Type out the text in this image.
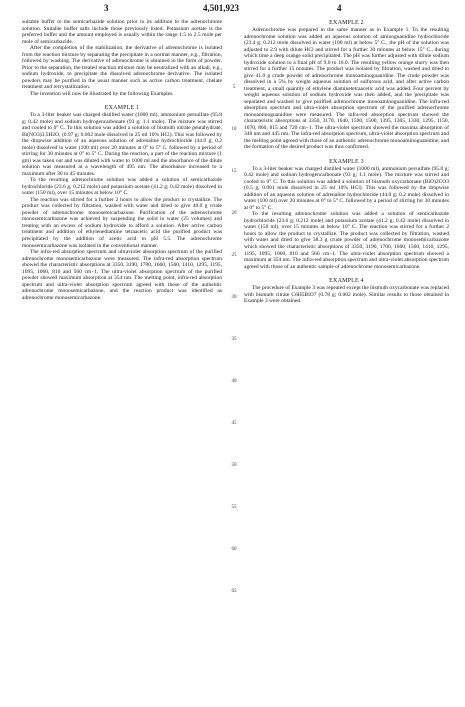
3	4,501,923	4

suitable buffer to the semicarbazide solution prior to its addition to the adrenochrome solution. Suitable buffer salts include those previously listed. Potassium acetate is the preferred buffer and the amount employed is usually within the range 1.5 to 2.5 mole per mole of semicarbazide.

After the completion of the stabilization, the derivative of adrenochrome is isolated from the reaction mixture by separating the precipitate in a normal manner, e.g., filtration, followed by washing. The derivative of adrenochrome is obtained in the form of powder. Prior to the separation, the treated reaction mixture may be neutralized with an alkali, e.g., sodium hydroxide, to precipitate the dissolved adrenochrome derivative. The isolated powders may be purified in the usual manner such as active carbon treatment, chelate treatment and recrystallization.

The invention will now be illustrated by the following Examples.

EXAMPLE 1

To a 3-liter beaker was charged distilled water (1000 ml), ammonium persulfate (95.8 g; 0.42 mole) and sodium hydrogencarbonate (93 g; 1.1 mole). The mixture was stirred and cooled to 0° C. To this solution was added a solution of bismuth nitrate pentahydrate, Bi(NO3)3.5H2O, (0.97 g; 0.002 mole dissolved in 25 ml 10% HCl). This was followed by the dropwise addition of an aqueous solution of adrenaline hydrochloride (44.0 g; 0.2 mole) dissolved in water (100 ml) over 20 minutes at 0° to 5° C. followed by a period of stirring for 30 minutes at 0° to 5° C. During the reaction, a part of the reaction mixture (1 gm) was taken out and was diluted with water to 1000 ml and the absorbance of the dilute solution was measured at a wavelength of 495 nm. The absorbance increased to a maximum after 30 to 45 minutes.

To the resulting adrenochrome solution was added a solution of semicarbazide hydrochloride (23.6 g; 0.212 mole) and potassium acetate (41.2 g; 0.42 mole) dissolved in water (150 ml), over 15 minutes at below 10° C.

The reaction was stirred for a further 2 hours to allow the product to crystallize. The product was collected by filtration, washed with water and dried to give 40.0 g crude powder of adrenochrome monosemicarbazone. Purification of the adrenochrome monosemicarbazone was achieved by suspending the solid in water (25 volumes) and treating with an excess of sodium hydroxide to afford a solution. After active carbon treatment and addition of ethylenediamine tetraacetic acid the purified product was precipitated by the addition of acetic acid to pH 5.5. The adrenochrome monosemicarbazone was isolated in the conventional manner.

The infra-red absorption spectrum and ultraviolet absorption spectrum of the purified adrenochrome monosemicarbazone were measured. The infra-red absorption spectrum showed the characteristic absorptions at 3350, 3190, 1700, 1660, 1560, 1410, 1295, 1195, 1095, 1060, 810 and 560 cm−1. The ultra-violet absorption spectrum of the purified powder showed maximum absorption at 354 nm. The melting point, infra-red absorption spectrum and ultra-violet absorption spectrum agreed with those of the authentic adrenochrome monosemicarbazone, and the reaction product was identified as adrenochrome monosemicarbazone.

5
10
15
20
25
30
35
40
45
50
55
60
65
EXAMPLE 2

Adrenochrome was prepared in the same manner as in Example 1. To the resulting adrenochrome solution was added an aqueous solution of aminoguanidine hydrochloride (23.4 g; 0.212 mole dissolved in water (100 ml) at below 5° C., the pH of the solution was adjusted to 2.9 with dilute HCl and stirred for a further 30 minutes at below 15° C., during which time a deep orange solid precipitated. The pH was further adjusted with dilute sodium hydroxide solution to a final pH of 9.0 to 10.0. The resulting yellow orange slurry was then stirred for a further 15 minutes. The product was isolated by filtration, washed and dried to give 41.0 g crude powder of adrenochrome monoaminoguanidine. The crude powder was dissolved in a 5% by weight aqueous solution of sulfurous acid, and after active carbon treatment, a small quantity of ethylene diaminetetraacetic acid was added. Four percent by weight aqueous solution of sodium hydroxide was then added, and the precipitate was separated and washed to give purified adrenochrome monoaminoguanidine. The infra-red absorption spectrum and ultra-violet absorption spectrum of the purified adrenochrome monoaminoguanidine were measured. The infra-red absorption spectrum showed the characteristic absorptions at 3350, 3170, 1640, 1590, 1500, 1395, 1365, 1330, 1295, 1150, 1070, 860, 815 and 720 cm−1. The ultra-violet spectrum showed the maxima absorption of 348 nm and 445 nm. The infra-red absorption spectrum, ultra-violet absorption spectrum and the melting point agreed with those of an authentic adrenochrome monoaminoguanidine, and the formation of the desired product was thus confirmed.

EXAMPLE 3

To a 3-liter beaker was charged distilled water (1000 ml), ammonium persulfate (95.8 g; 0.42 mole) and sodium hydrogencarbonate (93 g; 1.1 mole). The mixture was stirred and cooled to 0° C. To this solution was added a solution of bismuth oxycarbonate (BiO)2CO3 (0.5 g; 0.001 mole dissolved in 25 ml 10% HCl). This was followed by the dropwise addition of an aqueous solution of adrenaline hydrochloride (44.0 g; 0.2 mole) dissolved in water (100 ml) over 20 minutes at 0° to 5° C. followed by a period of stirring for 30 minutes at 0° to 5° C.

To the resulting adrenochrome solution was added a solution of semicarbazide hydrochloride (23.6 g; 0.212 mole) and potassium acetate (41.2 g; 0.42 mole) dissolved in water (150 ml), over 15 minutes at below 10° C. The reaction was stirred for a further 2 hours to allow the product to crystallize. The product was collected by filtration, washed with water and dried to give 38.3 g crude powder of adrenochrome monosemicarbazone which showed the characteristic absorptions of 3350, 3190, 1700, 1660, 1560, 1410, 1295, 1195, 1095, 1060, 810 and 560 cm−1. The ultra-violet absorption spectrum showed a maximum at 354 nm. The infra-red absorption spectrum and ultra-violet absorption spectrum agreed with those of an authentic sample of adrenochrome monosemicarbazone.

EXAMPLE 4

The procedure of Example 3 was repeated except the bismuth oxycarbonate was replaced with bismuth citrate C6H5BiO7 (0.78 g; 0.002 mole). Similar results to those obtained in Example 3 were obtained.
